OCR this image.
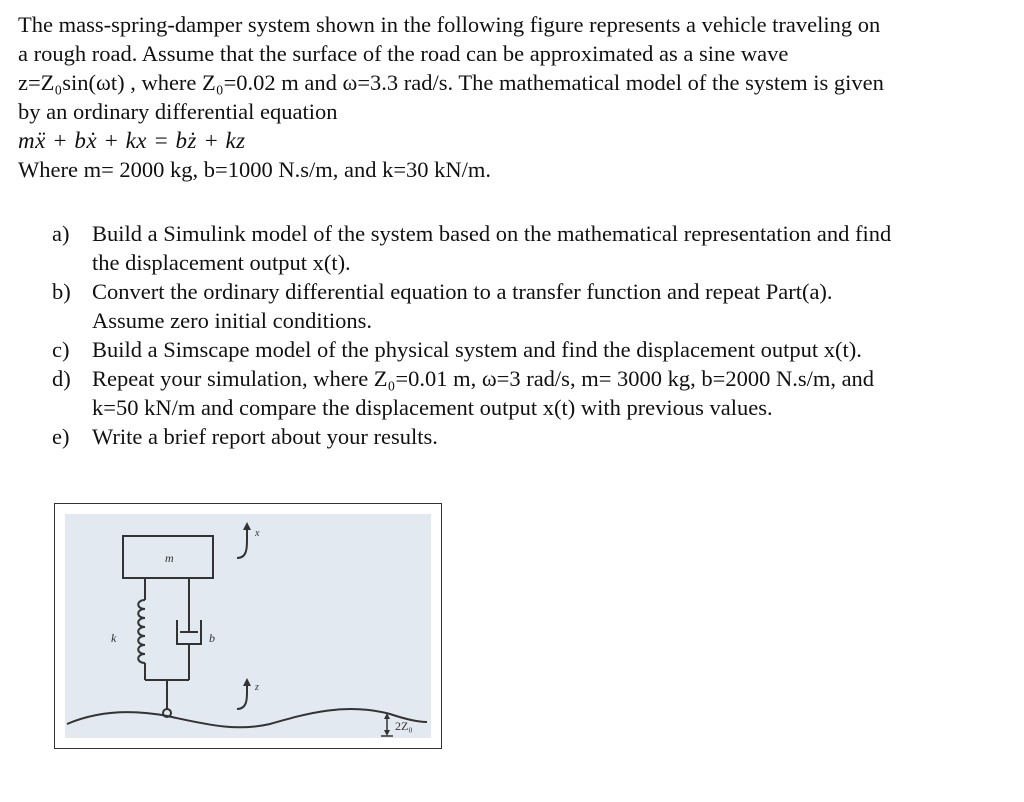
The mass-spring-damper system shown in the following figure represents a vehicle traveling on

a rough road. Assume that the surface of the road can be approximated as a sine wave

z=Z₀sin(ωt) , where Z₀=0.02 m and ω=3.3 rad/s. The mathematical model of the system is given

by an ordinary differential equation

mẍ + bẋ + kx = bż + kz

Where m= 2000 kg, b=1000 N.s/m, and k=30 kN/m.

a)	Build a Simulink model of the system based on the mathematical representation and find
the displacement output x(t).
b) Convert the ordinary differential equation to a transfer function and repeat Part(a).
Assume zero initial conditions.
c)	Build a Simscape model of the physical system and find the displacement output x(t).
d) Repeat your simulation, where Z₀=0.01 m, ω=3 rad/s, m= 3000 kg, b=2000 N.s/m, and
k=50 kN/m and compare the displacement output x(t) with previous values.
e)	Write a brief report about your results.
m
k	b
x
z
2Z₀
